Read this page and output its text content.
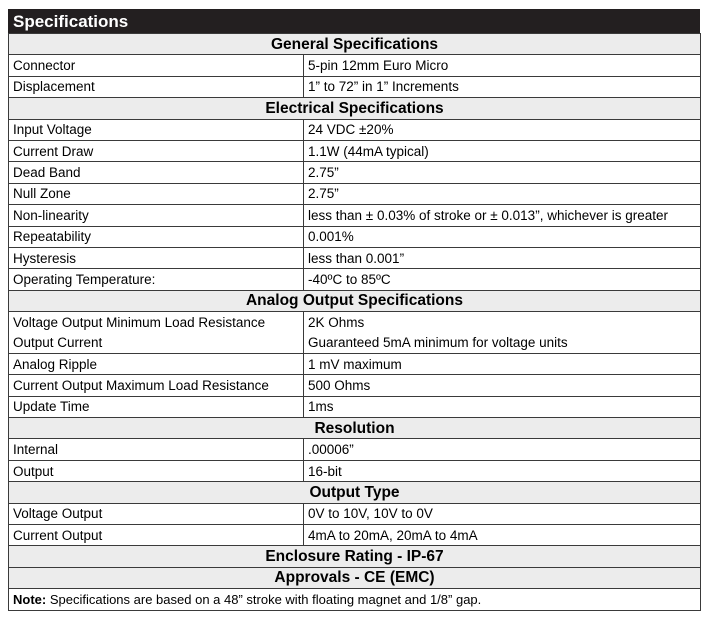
Specifications
General Specifications	
Connector	5-pin 12mm Euro Micro
Displacement	1” to 72” in 1” Increments
Electrical Specifications	
Input Voltage	24 VDC ±20%
Current Draw	1.1W (44mA typical)
Dead Band	2.75”
Null Zone	2.75”
Non-linearity	less than ± 0.03% of stroke or ± 0.013”, whichever is greater
Repeatability	0.001%
Hysteresis	less than 0.001”
Operating Temperature:	-40ºC to 85ºC
Analog Output Specifications	
Voltage Output Minimum Load Resistance	2K Ohms
Output Current	Guaranteed 5mA minimum for voltage units
Analog Ripple	1 mV maximum
Current Output Maximum Load Resistance	500 Ohms
Update Time	1ms
Resolution	
Internal	.00006”
Output	16-bit
Output Type	
Voltage Output	0V to 10V, 10V to 0V
Current Output	4mA to 20mA, 20mA to 4mA
Enclosure Rating - IP-67	
Approvals - CE (EMC)	
Note: Specifications are based on a 48” stroke with floating magnet and 1/8” gap.	
